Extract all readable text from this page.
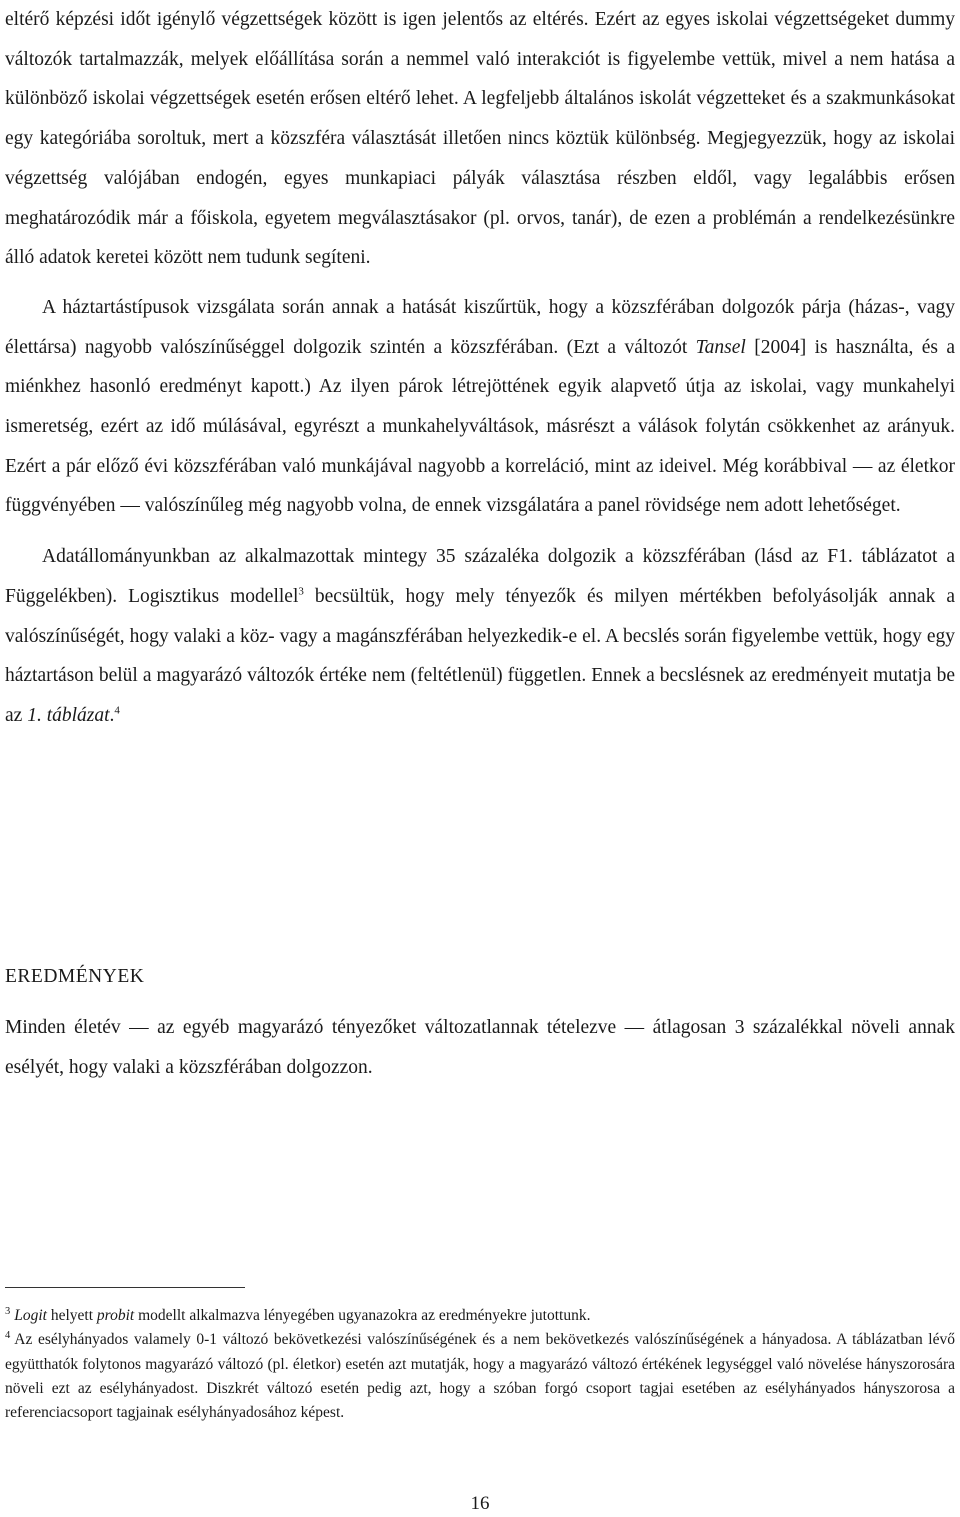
eltérő képzési időt igénylő végzettségek között is igen jelentős az eltérés. Ezért az egyes iskolai végzettségeket dummy változók tartalmazzák, melyek előállítása során a nemmel való interakciót is figyelembe vettük, mivel a nem hatása a különböző iskolai végzettségek esetén erősen eltérő lehet. A legfeljebb általános iskolát végzetteket és a szakmunkásokat egy kategóriába soroltuk, mert a közszféra választását illetően nincs köztük különbség. Megjegyezzük, hogy az iskolai végzettség valójában endogén, egyes munkapiaci pályák választása részben eldől, vagy legalábbis erősen meghatározódik már a főiskola, egyetem megválasztásakor (pl. orvos, tanár), de ezen a problémán a rendelkezésünkre álló adatok keretei között nem tudunk segíteni.

A háztartástípusok vizsgálata során annak a hatását kiszűrtük, hogy a közszférában dolgozók párja (házas-, vagy élettársa) nagyobb valószínűséggel dolgozik szintén a közszférában. (Ezt a változót Tansel [2004] is használta, és a miénkhez hasonló eredményt kapott.) Az ilyen párok létrejöttének egyik alapvető útja az iskolai, vagy munkahelyi ismeretség, ezért az idő múlásával, egyrészt a munkahelyváltások, másrészt a válások folytán csökkenhet az arányuk. Ezért a pár előző évi közszférában való munkájával nagyobb a korreláció, mint az ideivel. Még korábbival — az életkor függvényében — valószínűleg még nagyobb volna, de ennek vizsgálatára a panel rövidsége nem adott lehetőséget.

Adatállományunkban az alkalmazottak mintegy 35 százaléka dolgozik a közszférában (lásd az F1. táblázatot a Függelékben). Logisztikus modellel$^3$ becsültük, hogy mely tényezők és milyen mértékben befolyásolják annak a valószínűségét, hogy valaki a köz- vagy a magánszférában helyezkedik-e el. A becslés során figyelembe vettük, hogy egy háztartáson belül a magyarázó változók értéke nem (feltétlenül) független. Ennek a becslésnek az eredményeit mutatja be az 1. táblázat.$^4$

EREDMÉNYEK
Minden életév — az egyéb magyarázó tényezőket változatlannak tételezve — átlagosan 3 százalékkal növeli annak esélyét, hogy valaki a közszférában dolgozzon.

$^3$ Logit helyett probit modellt alkalmazva lényegében ugyanazokra az eredményekre jutottunk.

$^4$ Az esélyhányados valamely 0-1 változó bekövetkezési valószínűségének és a nem bekövetkezés valószínűségének a hányadosa. A táblázatban lévő együtthatók folytonos magyarázó változó (pl. életkor) esetén azt mutatják, hogy a magyarázó változó értékének legységgel való növelése hányszorosára növeli ezt az esélyhányadost. Diszkrét változó esetén pedig azt, hogy a szóban forgó csoport tagjai esetében az esélyhányados hányszorosa a referenciacsoport tagjainak esélyhányadosához képest.

16
